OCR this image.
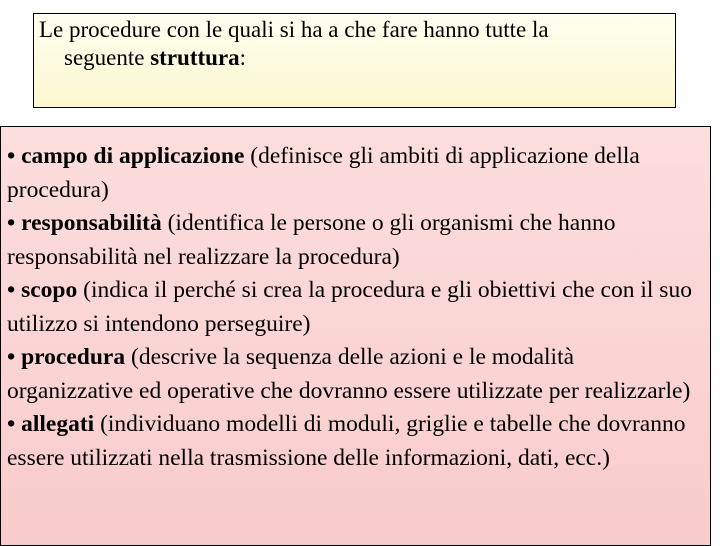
Le procedure con le quali si ha a che fare hanno tutte la
seguente struttura:
• campo di applicazione (definisce gli ambiti di applicazione della procedura)
• responsabilità (identifica le persone o gli organismi che hanno responsabilità nel realizzare la procedura)
• scopo (indica il perché si crea la procedura e gli obiettivi che con il suo utilizzo si intendono perseguire)
• procedura (descrive la sequenza delle azioni e le modalità organizzative ed operative che dovranno essere utilizzate per realizzarle)
• allegati (individuano modelli di moduli, griglie e tabelle che dovranno essere utilizzati nella trasmissione delle informazioni, dati, ecc.)
